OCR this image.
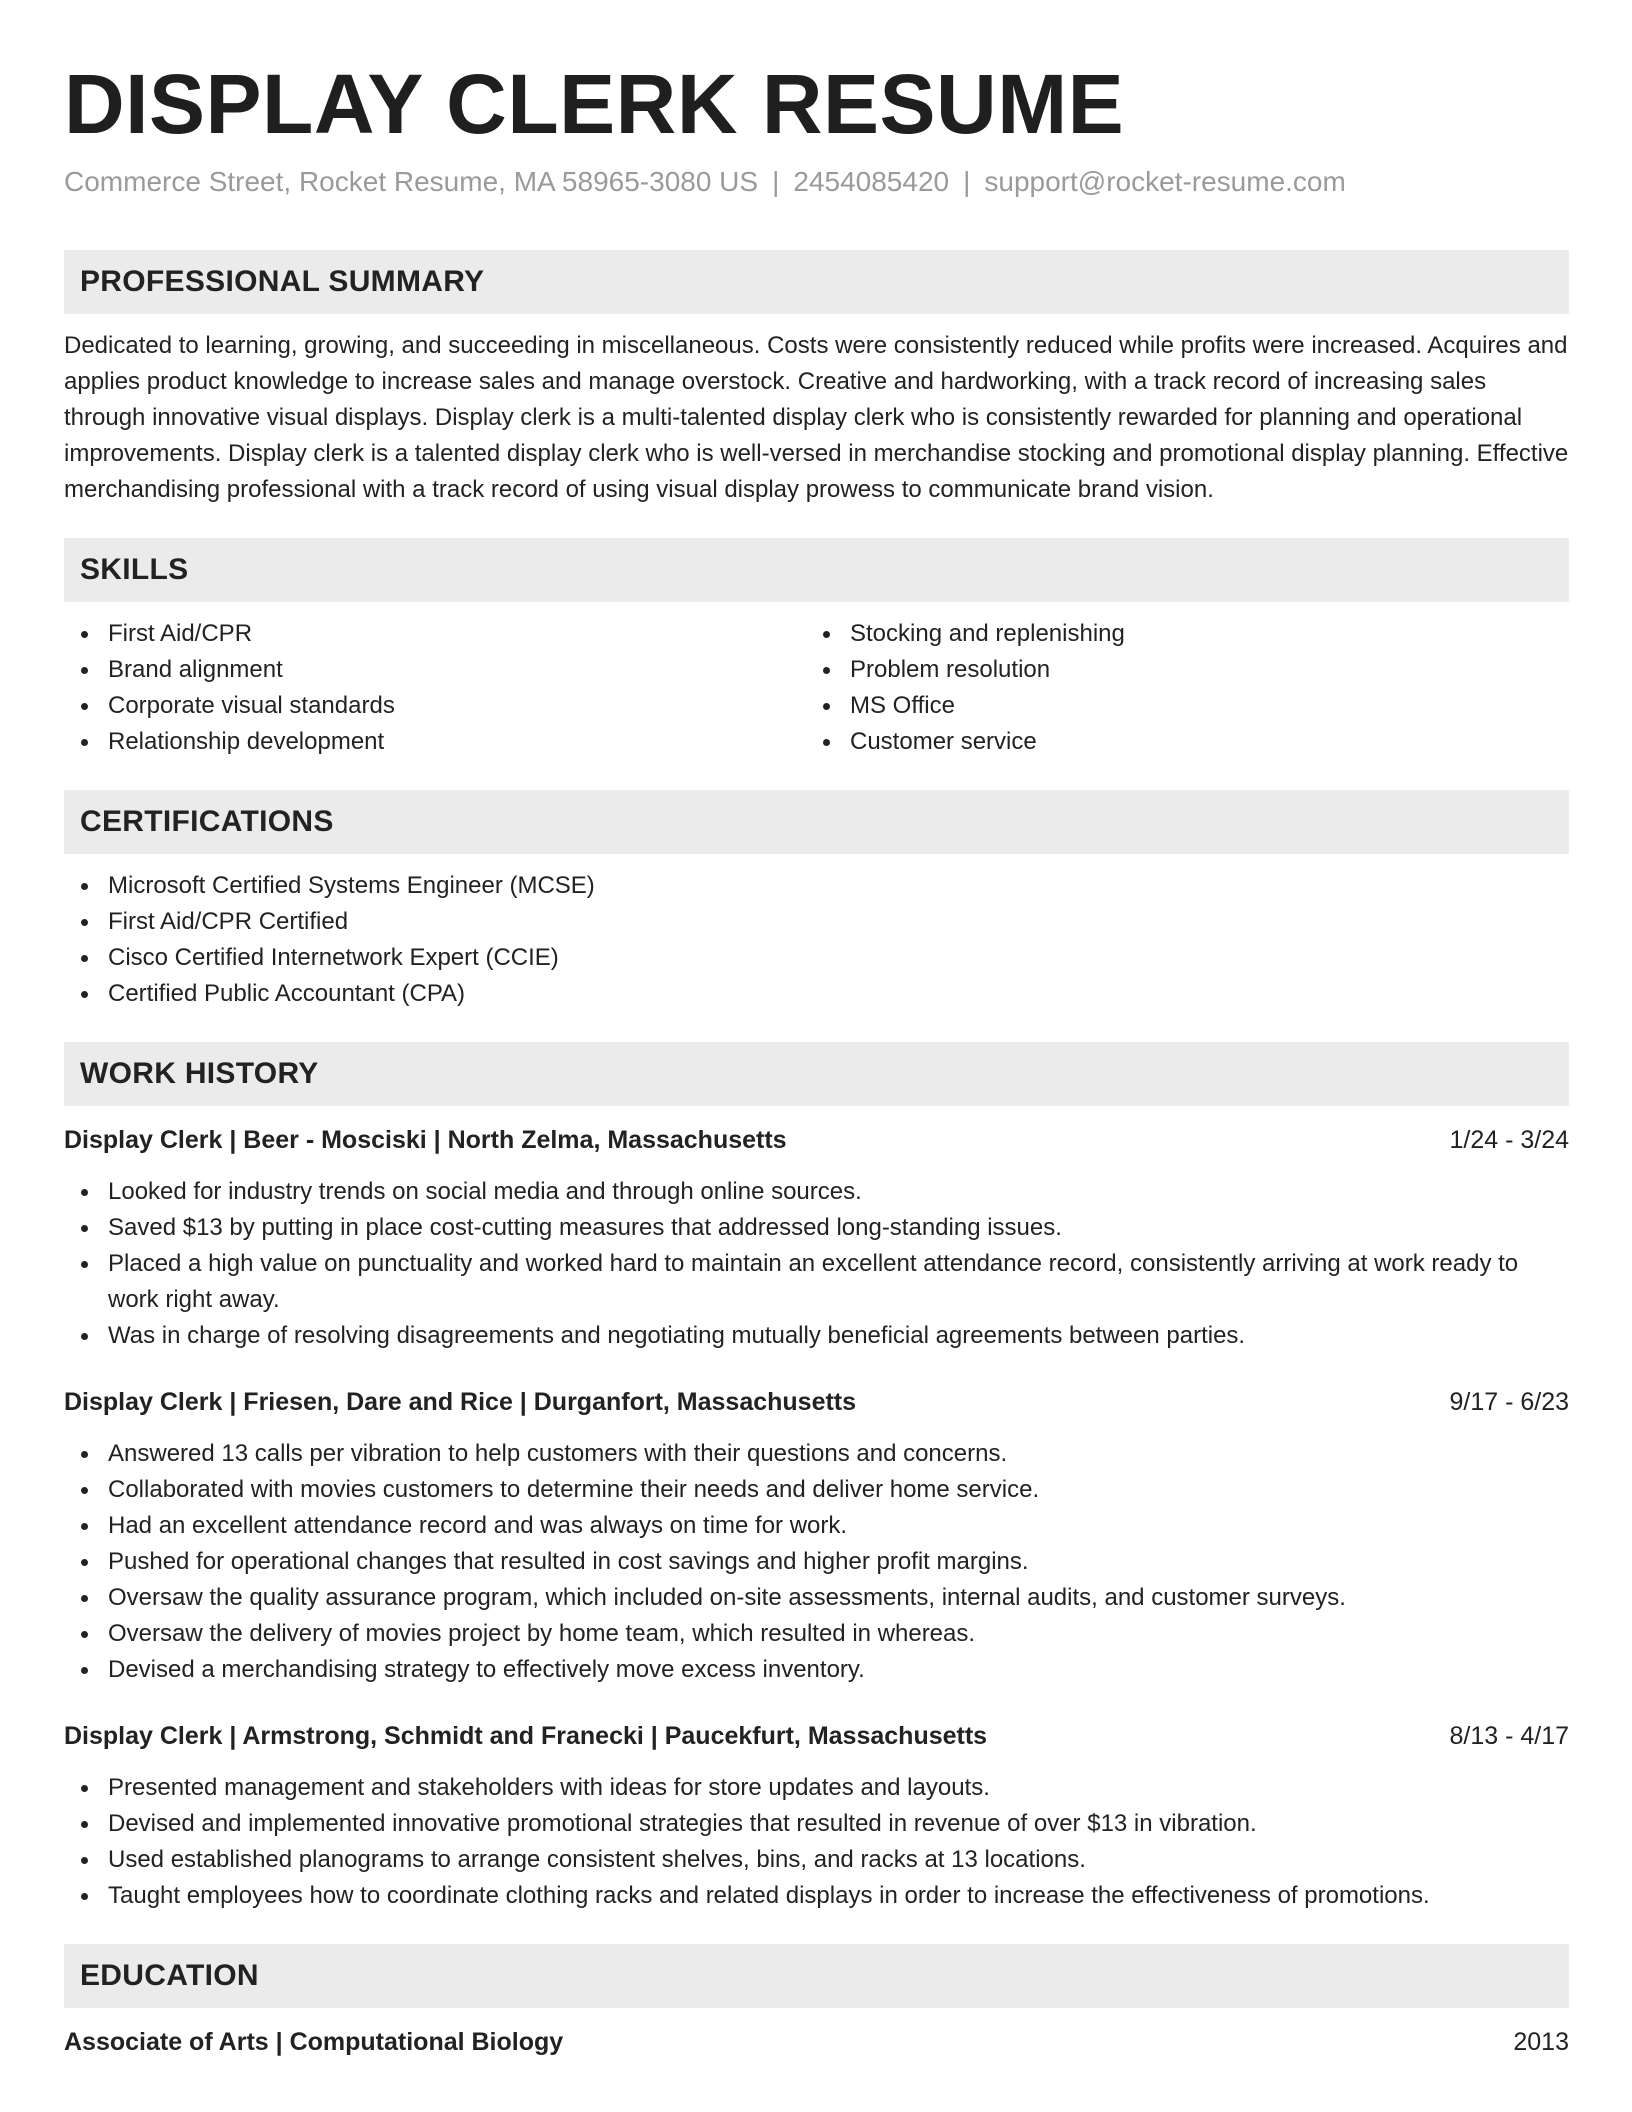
DISPLAY CLERK RESUME
Commerce Street, Rocket Resume, MA 58965-3080 US | 2454085420 | support@rocket-resume.com
PROFESSIONAL SUMMARY

Dedicated to learning, growing, and succeeding in miscellaneous. Costs were consistently reduced while profits were increased. Acquires and applies product knowledge to increase sales and manage overstock. Creative and hardworking, with a track record of increasing sales through innovative visual displays. Display clerk is a multi-talented display clerk who is consistently rewarded for planning and operational improvements. Display clerk is a talented display clerk who is well-versed in merchandise stocking and promotional display planning. Effective merchandising professional with a track record of using visual display prowess to communicate brand vision.

SKILLS
First Aid/CPR
Brand alignment
Corporate visual standards
Relationship development
Stocking and replenishing
Problem resolution
MS Office
Customer service
CERTIFICATIONS
Microsoft Certified Systems Engineer (MCSE)
First Aid/CPR Certified
Cisco Certified Internetwork Expert (CCIE)
Certified Public Accountant (CPA)
WORK HISTORY
Display Clerk | Beer - Mosciski | North Zelma, Massachusetts	1/24 - 3/24
Looked for industry trends on social media and through online sources.
Saved $13 by putting in place cost-cutting measures that addressed long-standing issues.
Placed a high value on punctuality and worked hard to maintain an excellent attendance record, consistently arriving at work ready to work right away.
Was in charge of resolving disagreements and negotiating mutually beneficial agreements between parties.
Display Clerk | Friesen, Dare and Rice | Durganfort, Massachusetts	9/17 - 6/23
Answered 13 calls per vibration to help customers with their questions and concerns.
Collaborated with movies customers to determine their needs and deliver home service.
Had an excellent attendance record and was always on time for work.
Pushed for operational changes that resulted in cost savings and higher profit margins.
Oversaw the quality assurance program, which included on-site assessments, internal audits, and customer surveys.
Oversaw the delivery of movies project by home team, which resulted in whereas.
Devised a merchandising strategy to effectively move excess inventory.
Display Clerk | Armstrong, Schmidt and Franecki | Paucekfurt, Massachusetts	8/13 - 4/17
Presented management and stakeholders with ideas for store updates and layouts.
Devised and implemented innovative promotional strategies that resulted in revenue of over $13 in vibration.
Used established planograms to arrange consistent shelves, bins, and racks at 13 locations.
Taught employees how to coordinate clothing racks and related displays in order to increase the effectiveness of promotions.
EDUCATION
Associate of Arts | Computational Biology	2013
